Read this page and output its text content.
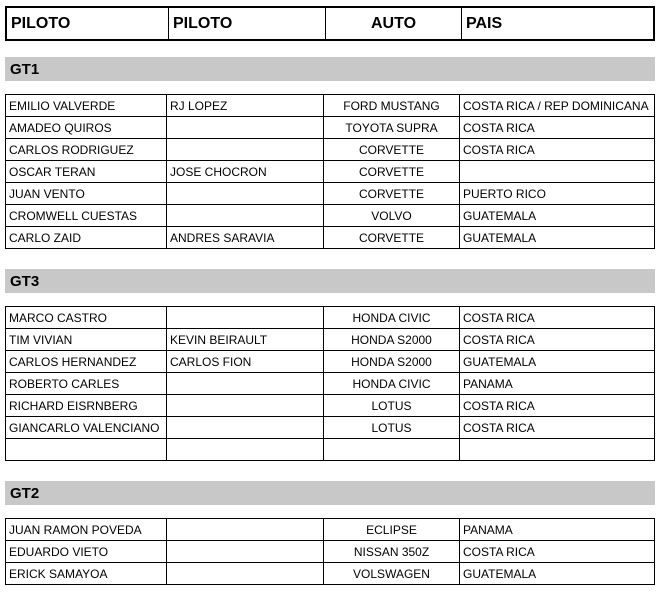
PILOTO	PILOTO	AUTO	PAIS
GT1
EMILIO VALVERDE	RJ LOPEZ	FORD MUSTANG	COSTA RICA / REP DOMINICANA
AMADEO QUIROS		TOYOTA SUPRA	COSTA RICA
CARLOS RODRIGUEZ		CORVETTE	COSTA RICA
OSCAR TERAN	JOSE CHOCRON	CORVETTE	
JUAN VENTO		CORVETTE	PUERTO RICO
CROMWELL CUESTAS		VOLVO	GUATEMALA
CARLO ZAID	ANDRES SARAVIA	CORVETTE	GUATEMALA
GT3
MARCO CASTRO		HONDA CIVIC	COSTA RICA
TIM VIVIAN	KEVIN BEIRAULT	HONDA S2000	COSTA RICA
CARLOS HERNANDEZ	CARLOS FION	HONDA S2000	GUATEMALA
ROBERTO CARLES		HONDA CIVIC	PANAMA
RICHARD EISRNBERG		LOTUS	COSTA RICA
GIANCARLO VALENCIANO		LOTUS	COSTA RICA

GT2
JUAN RAMON POVEDA		ECLIPSE	PANAMA
EDUARDO VIETO		NISSAN 350Z	COSTA RICA
ERICK SAMAYOA		VOLSWAGEN	GUATEMALA
